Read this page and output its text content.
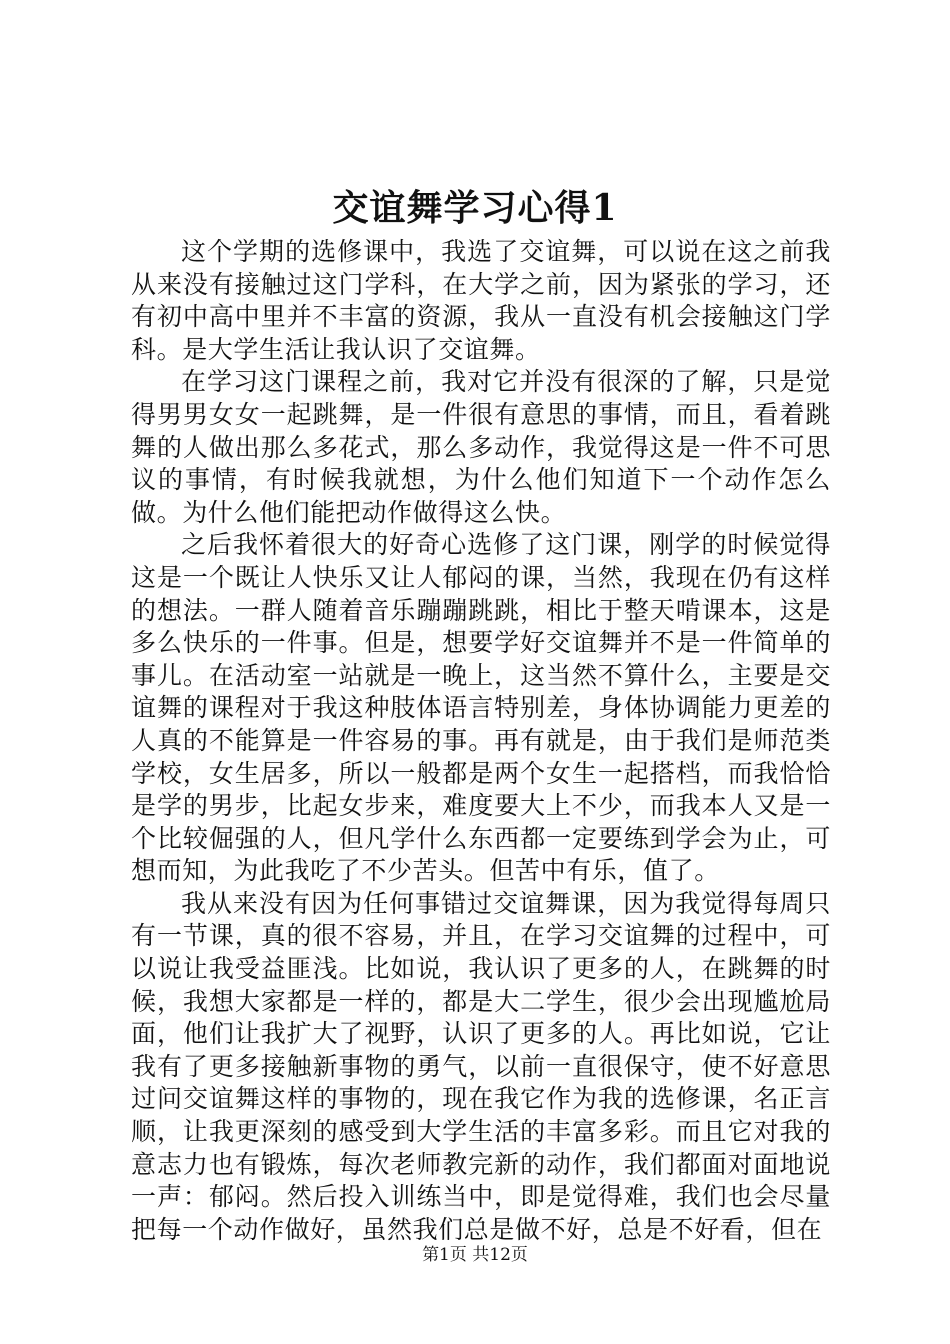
交谊舞学习心得1

这个学期的选修课中，我选了交谊舞，可以说在这之前我从来没有接触过这门学科，在大学之前，因为紧张的学习，还有初中高中里并不丰富的资源，我从一直没有机会接触这门学科。是大学生活让我认识了交谊舞。

在学习这门课程之前，我对它并没有很深的了解，只是觉得男男女女一起跳舞，是一件很有意思的事情，而且，看着跳舞的人做出那么多花式，那么多动作，我觉得这是一件不可思议的事情，有时候我就想，为什么他们知道下一个动作怎么做。为什么他们能把动作做得这么快。

之后我怀着很大的好奇心选修了这门课，刚学的时候觉得这是一个既让人快乐又让人郁闷的课，当然，我现在仍有这样的想法。一群人随着音乐蹦蹦跳跳，相比于整天啃课本，这是多么快乐的一件事。但是，想要学好交谊舞并不是一件简单的事儿。在活动室一站就是一晚上，这当然不算什么，主要是交谊舞的课程对于我这种肢体语言特别差，身体协调能力更差的人真的不能算是一件容易的事。再有就是，由于我们是师范类学校，女生居多，所以一般都是两个女生一起搭档，而我恰恰是学的男步，比起女步来，难度要大上不少，而我本人又是一个比较倔强的人，但凡学什么东西都一定要练到学会为止，可想而知，为此我吃了不少苦头。但苦中有乐，值了。

我从来没有因为任何事错过交谊舞课，因为我觉得每周只有一节课，真的很不容易，并且，在学习交谊舞的过程中，可以说让我受益匪浅。比如说，我认识了更多的人，在跳舞的时候，我想大家都是一样的，都是大二学生，很少会出现尴尬局面，他们让我扩大了视野，认识了更多的人。再比如说，它让我有了更多接触新事物的勇气，以前一直很保守，使不好意思过问交谊舞这样的事物的，现在我它作为我的选修课，名正言顺，让我更深刻的感受到大学生活的丰富多彩。而且它对我的意志力也有锻炼，每次老师教完新的动作，我们都面对面地说一声：郁闷。然后投入训练当中，即是觉得难，我们也会尽量把每一个动作做好，虽然我们总是做不好，总是不好看，但在

第1页 共12页
